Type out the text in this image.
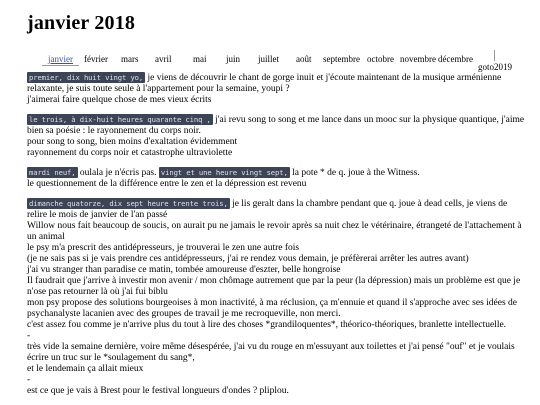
janvier 2018
janvier février mars avril mai juin juillet août septembre octobre novembre décembre
goto2019
premier, dix huit vingt yo, je viens de découvrir le chant de gorge inuit et j'écoute maintenant de la musique arménienne
relaxante, je suis toute seule à l'appartement pour la semaine, youpi ?
j'aimerai faire quelque chose de mes vieux écrits
le trois, à dix-huit heures quarante cinq , j'ai revu song to song et me lance dans un mooc sur la physique quantique, j'aime
bien sa poésie : le rayonnement du corps noir.
pour song to song, bien moins d'exaltation évidemment
rayonnement du corps noir et catastrophe ultraviolette
mardi neuf, oulala je n'écris pas. vingt et une heure vingt sept, la pote * de q. joue à the Witness.
le questionnement de la différence entre le zen et la dépression est revenu
dimanche quatorze, dix sept heure trente trois, je lis geralt dans la chambre pendant que q. joue à dead cells, je viens de
relire le mois de janvier de l'an passé
Willow nous fait beaucoup de soucis, on aurait pu ne jamais le revoir après sa nuit chez le vétérinaire, étrangeté de l'attachement à
un animal
le psy m'a prescrit des antidépresseurs, je trouverai le zen une autre fois
(je ne sais pas si je vais prendre ces antidépresseurs, j'ai re rendez vous demain, je préfèrerai arrêter les autres avant)
j'ai vu stranger than paradise ce matin, tombée amoureuse d'eszter, belle hongroise
Il faudrait que j'arrive à investir mon avenir / mon chômage autrement que par la peur (la dépression) mais un problème est que je
n'ose pas retourner là où j'ai fui biblu
mon psy propose des solutions bourgeoises à mon inactivité, à ma réclusion, ça m'ennuie et quand il s'approche avec ses idées de
psychanalyste lacanien avec des groupes de travail je me recroqueville, non merci.
c'est assez fou comme je n'arrive plus du tout à lire des choses *grandiloquentes*, théorico-théoriques, branlette intellectuelle.
-
très vide la semaine dernière, voire même désespérée, j'ai vu du rouge en m'essuyant aux toilettes et j'ai pensé "ouf" et je voulais
écrire un truc sur le *soulagement du sang*,
et le lendemain ça allait mieux
-
est ce que je vais à Brest pour le festival longueurs d'ondes ? pliplou.
